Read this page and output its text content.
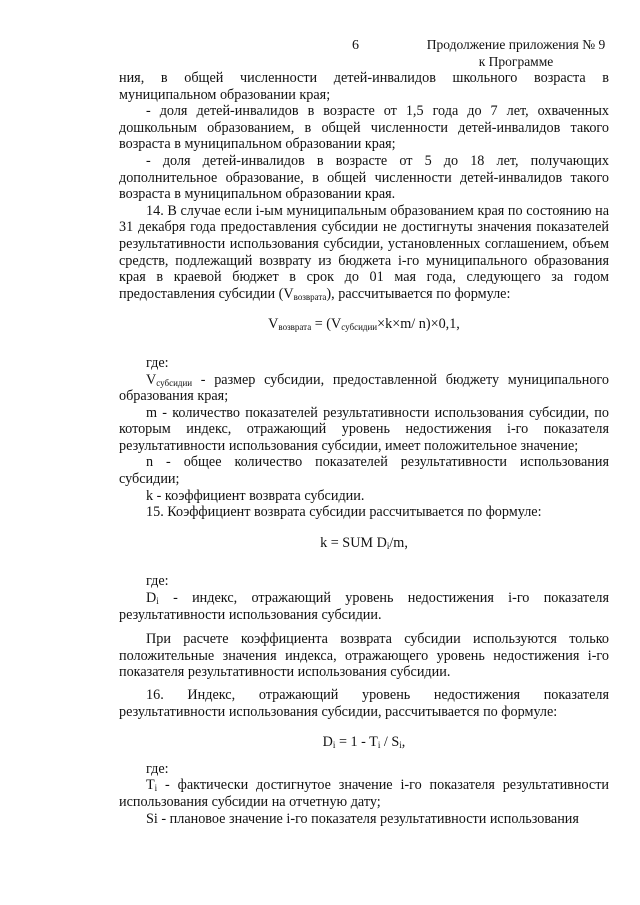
6	Продолжение приложения № 9
к Программе

ния, в общей численности детей-инвалидов школьного возраста в муниципальном образовании края;

- доля детей-инвалидов в возрасте от 1,5 года до 7 лет, охваченных дошкольным образованием, в общей численности детей-инвалидов такого возраста в муниципальном образовании края;

- доля детей-инвалидов в возрасте от 5 до 18 лет, получающих дополнительное образование, в общей численности детей-инвалидов такого возраста в муниципальном образовании края.

14. В случае если i-ым муниципальным образованием края по состоянию на 31 декабря года предоставления субсидии не достигнуты значения показателей результативности использования субсидии, установленных соглашением, объем средств, подлежащий возврату из бюджета i-го муниципального образования края в краевой бюджет в срок до 01 мая года, следующего за годом предоставления субсидии $(V_{возврата})$, рассчитывается по формуле:

$V_{возврата} = (V_{субсидии}\times k\times m/$ n)×0,1,

где:

$V_{субсидии}$ - размер субсидии, предоставленной бюджету муниципального образования края;

m - количество показателей результативности использования субсидии, по которым индекс, отражающий уровень недостижения i-го показателя результативности использования субсидии, имеет положительное значение;

n - общее количество показателей результативности использования субсидии;

k - коэффициент возврата субсидии.

15. Коэффициент возврата субсидии рассчитывается по формуле:

k = SUM $D_i/m$,

где:

$D_i$ - индекс, отражающий уровень недостижения i-го показателя результативности использования субсидии.

При расчете коэффициента возврата субсидии используются только положительные значения индекса, отражающего уровень недостижения i-го показателя результативности использования субсидии.

16. Индекс, отражающий уровень недостижения показателя результативности использования субсидии, рассчитывается по формуле:

$D_i = 1 - T_i / S_i$,

где:

$T_i$ - фактически достигнутое значение i-го показателя результативности использования субсидии на отчетную дату;

Si - плановое значение i-го показателя результативности использования
